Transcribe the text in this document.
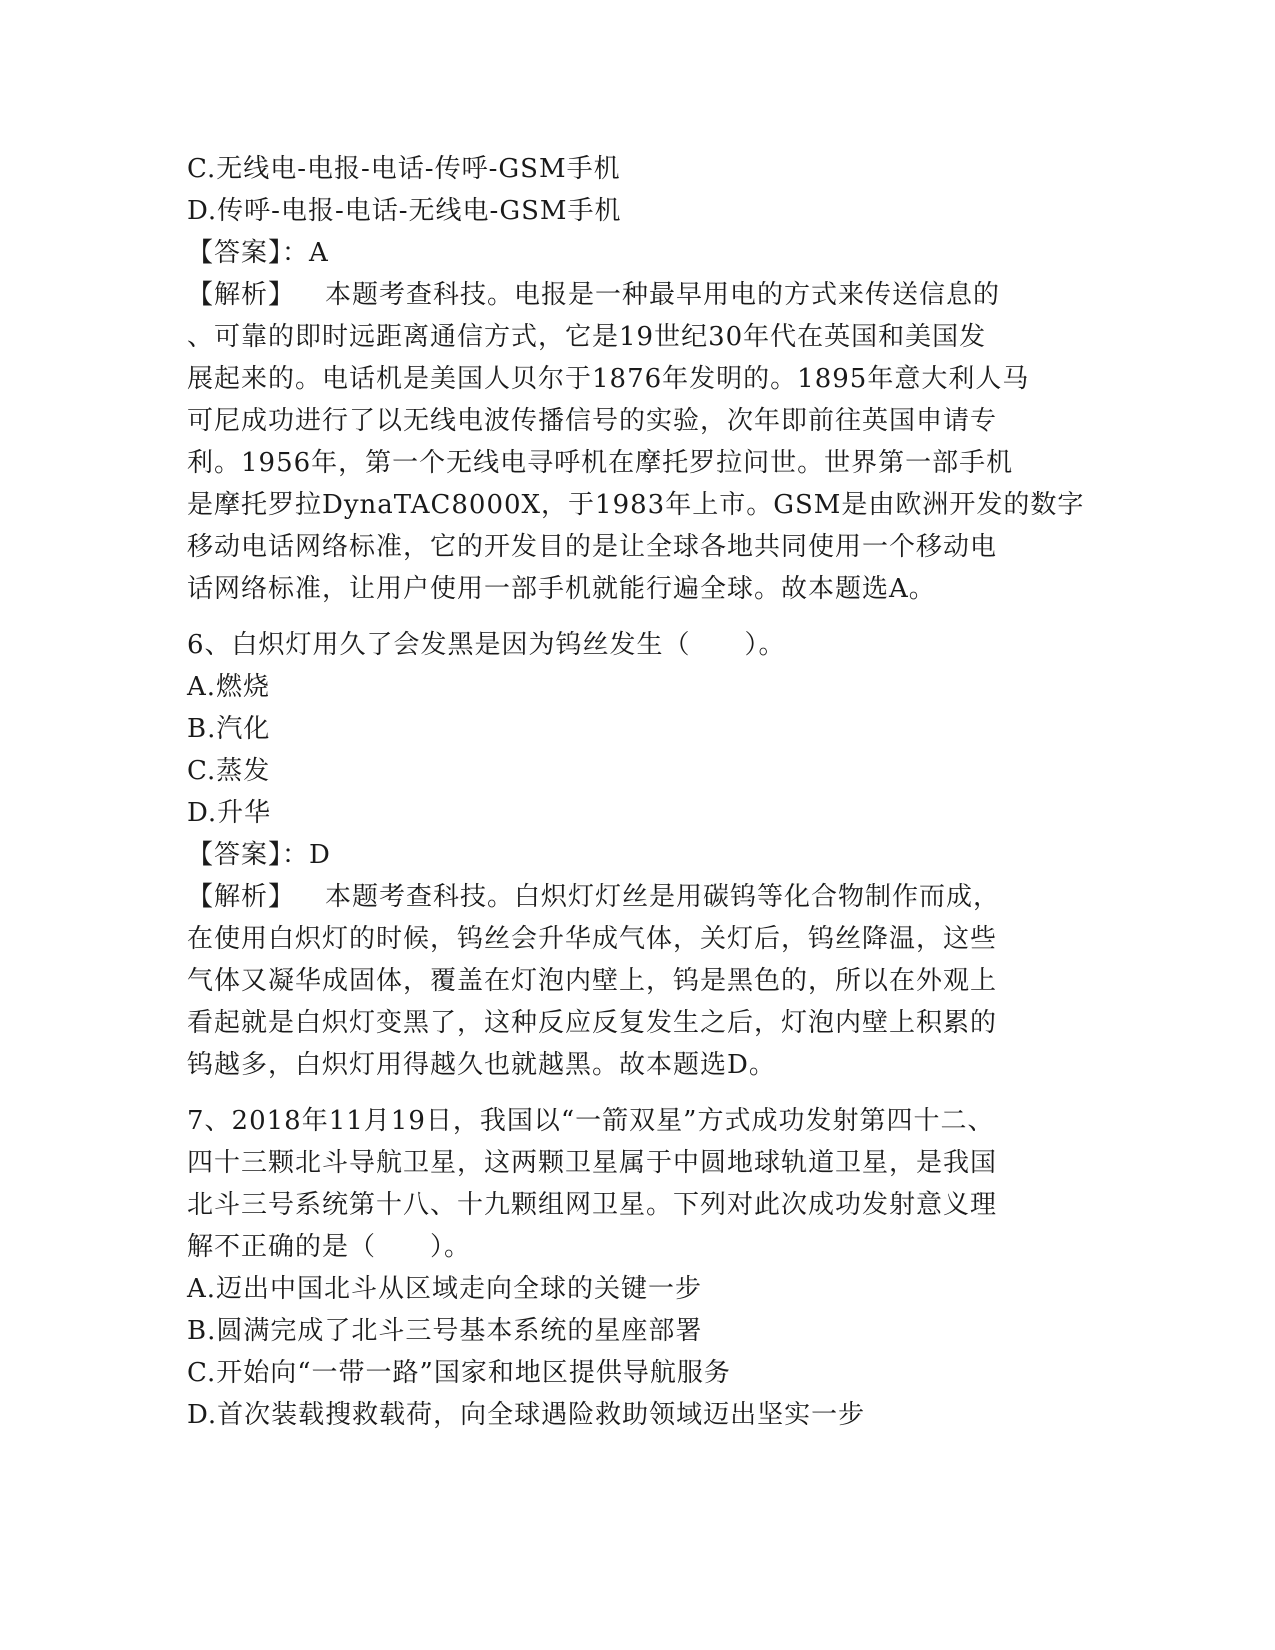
C.无线电-电报-电话-传呼-GSM手机
D.传呼-电报-电话-无线电-GSM手机
【答案】：A
【解析】 本题考查科技。电报是一种最早用电的方式来传送信息的
、可靠的即时远距离通信方式，它是19世纪30年代在英国和美国发
展起来的。电话机是美国人贝尔于1876年发明的。1895年意大利人马
可尼成功进行了以无线电波传播信号的实验，次年即前往英国申请专
利。1956年，第一个无线电寻呼机在摩托罗拉问世。世界第一部手机
是摩托罗拉DynaTAC8000X，于1983年上市。GSM是由欧洲开发的数字
移动电话网络标准，它的开发目的是让全球各地共同使用一个移动电
话网络标准，让用户使用一部手机就能行遍全球。故本题选A。
6、白炽灯用久了会发黑是因为钨丝发生（　　）。
A.燃烧
B.汽化
C.蒸发
D.升华
【答案】：D
【解析】 本题考查科技。白炽灯灯丝是用碳钨等化合物制作而成，
在使用白炽灯的时候，钨丝会升华成气体，关灯后，钨丝降温，这些
气体又凝华成固体，覆盖在灯泡内壁上，钨是黑色的，所以在外观上
看起就是白炽灯变黑了，这种反应反复发生之后，灯泡内壁上积累的
钨越多，白炽灯用得越久也就越黑。故本题选D。
7、2018年11月19日，我国以“一箭双星”方式成功发射第四十二、
四十三颗北斗导航卫星，这两颗卫星属于中圆地球轨道卫星，是我国
北斗三号系统第十八、十九颗组网卫星。下列对此次成功发射意义理
解不正确的是（　　）。
A.迈出中国北斗从区域走向全球的关键一步
B.圆满完成了北斗三号基本系统的星座部署
C.开始向“一带一路”国家和地区提供导航服务
D.首次装载搜救载荷，向全球遇险救助领域迈出坚实一步
